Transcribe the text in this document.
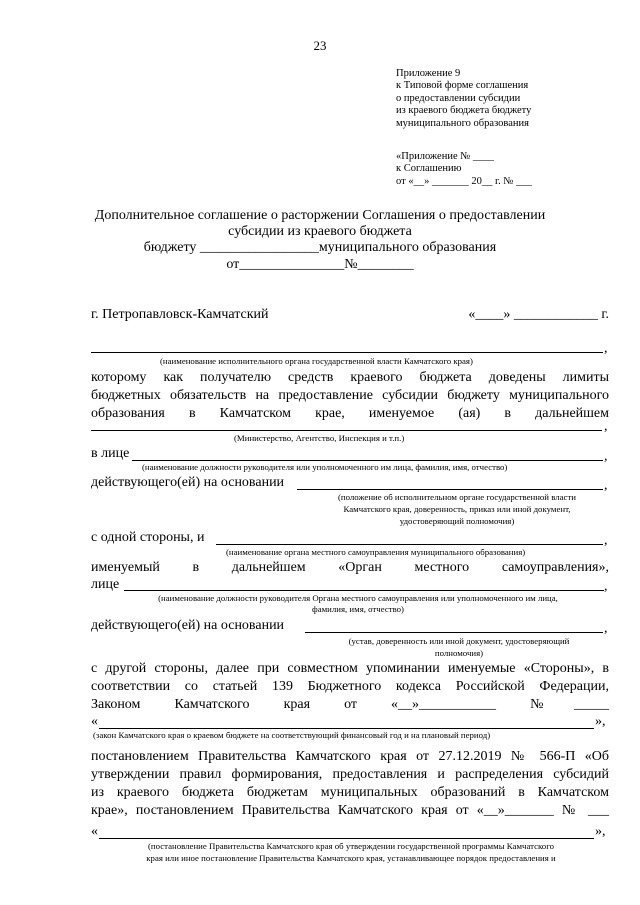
23
Приложение 9
к Типовой форме соглашения
о предоставлении субсидии
из краевого бюджета бюджету
муниципального образования
«Приложение № ____
к Соглашению
от «__» _______ 20__ г. № ___
Дополнительное соглашение о расторжении Соглашения о предоставлении
субсидии из краевого бюджета
бюджету _________________муниципального образования
от_______________№________
г. Петропавловск-Камчатский	«____» ____________ г.
,
(наименование исполнительного органа государственной власти Камчатского края)
которому как получателю средств краевого бюджета доведены лимиты
бюджетных обязательств на предоставление субсидии бюджету муниципального
образования в Камчатском крае, именуемое (ая) в дальнейшем
,
(Министерство, Агентство, Инспекция и т.п.)
в лице	,
(наименование должности руководителя или уполномоченного им лица, фамилия, имя, отчество)
действующего(ей) на основании	,
(положение об исполнительном органе государственной власти
Камчатского края, доверенность, приказ или иной документ,
удостоверяющий полномочия)
с одной стороны, и	,
(наименование органа местного самоуправления муниципального образования)
именуемый в дальнейшем «Орган местного самоуправления»,
лице	,
(наименование должности руководителя Органа местного самоуправления или уполномоченного им лица,
фамилия, имя, отчество)
действующего(ей) на основании	,
(устав, доверенность или иной документ, удостоверяющий
полномочия)
с другой стороны, далее при совместном упоминании именуемые «Стороны», в
соответствии со статьей 139 Бюджетного кодекса Российской Федерации,
Законом Камчатского края от «__»___________ №_____
«	»,
(закон Камчатского края о краевом бюджете на соответствующий финансовый год и на плановый период)
постановлением Правительства Камчатского края от 27.12.2019 № 566-П «Об
утверждении правил формирования, предоставления и распределения субсидий
из краевого бюджета бюджетам муниципальных образований в Камчатском
крае», постановлением Правительства Камчатского края от «__»_______ № ___
«	»,
(постановление Правительства Камчатского края об утверждении государственной программы Камчатского
края или иное постановление Правительства Камчатского края, устанавливающее порядок предоставления и
